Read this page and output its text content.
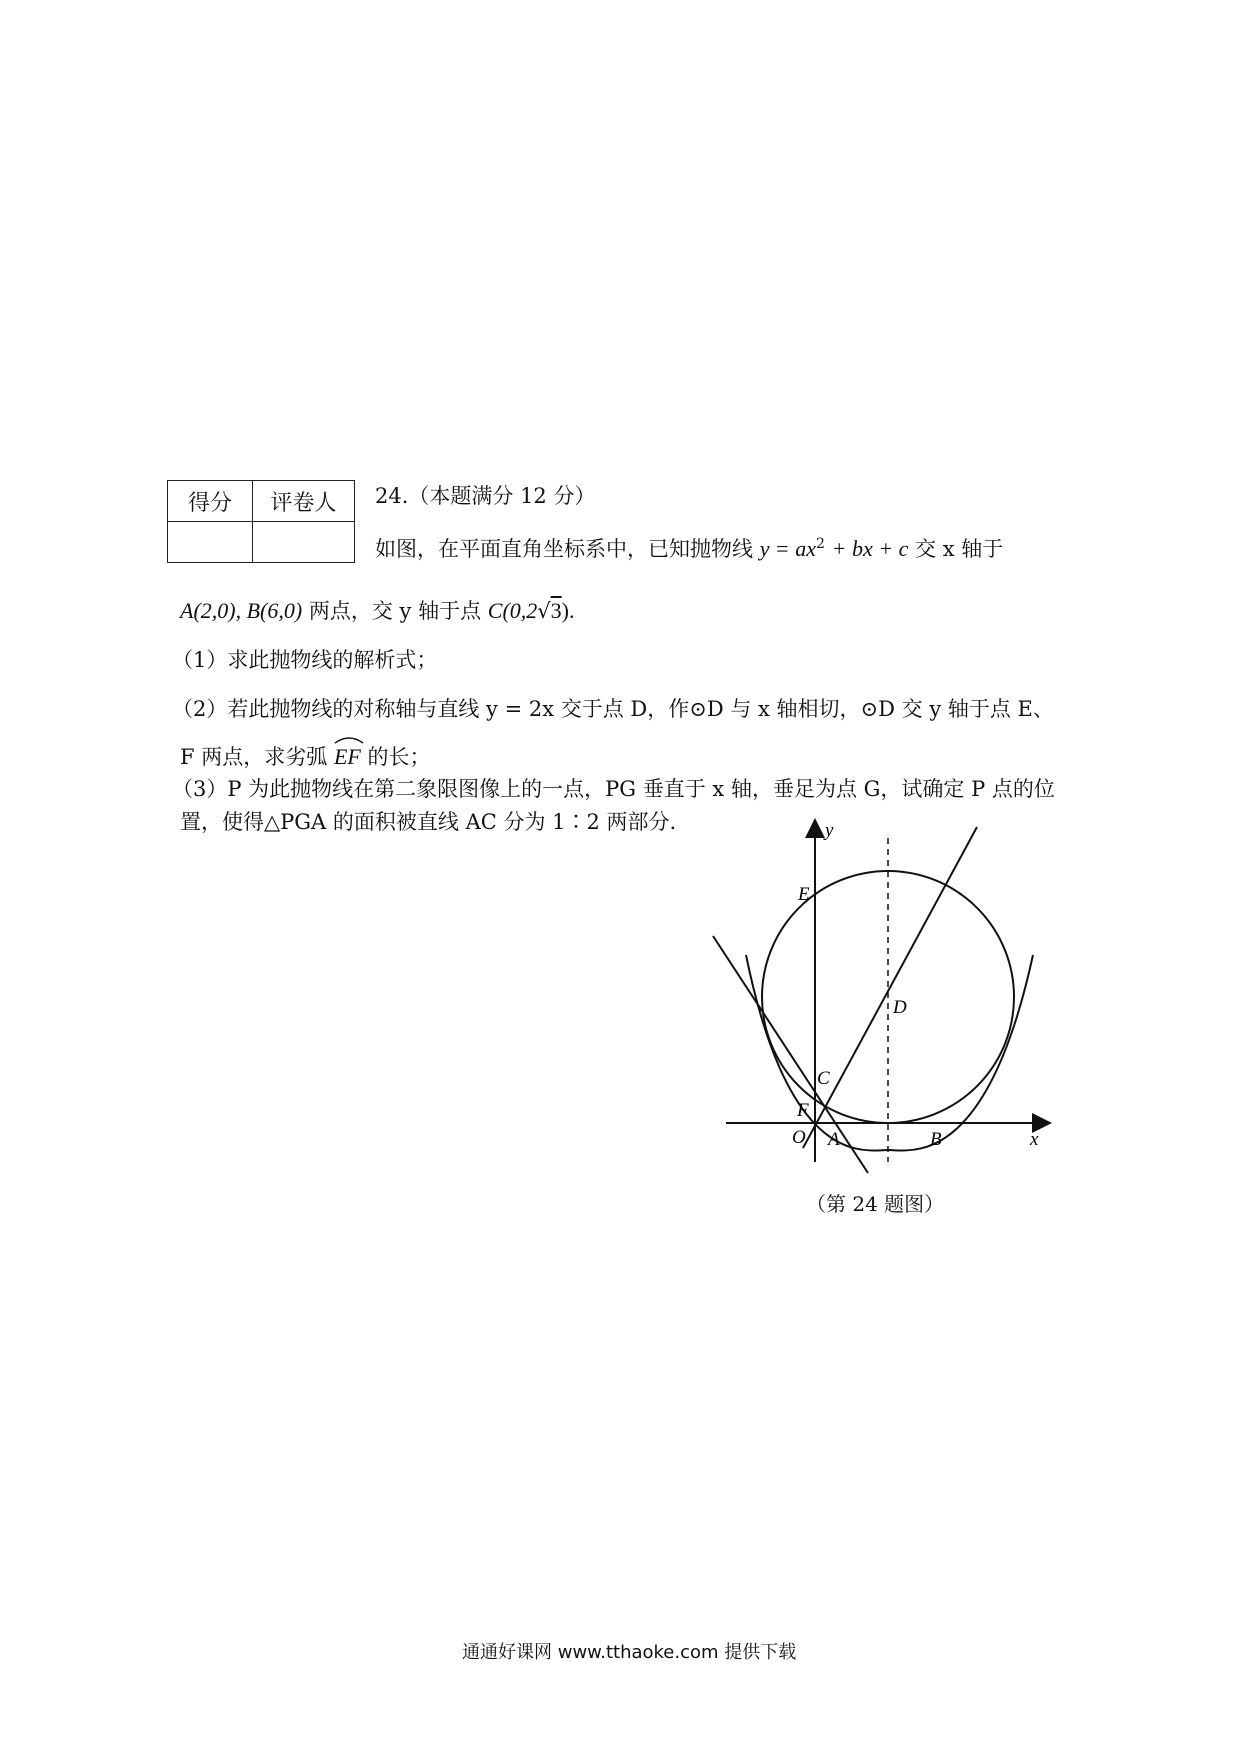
得分	评卷人
	24.（本题满分 12 分）
如图，在平面直角坐标系中，已知抛物线 $y = ax^2$ + bx + c 交 x 轴于
A(2,0), B(6,0) 两点，交 y 轴于点 C(0,2√3).
（1）求此抛物线的解析式；
（2）若此抛物线的对称轴与直线 y = 2x 交于点 D，作⊙D 与 x 轴相切，⊙D 交 y 轴于点 E、
F 两点，求劣弧 EF 的长；
（3）P 为此抛物线在第二象限图像上的一点，PG 垂直于 x 轴，垂足为点 G，试确定 P 点的位
置，使得△PGA 的面积被直线 AC 分为 1∶2 两部分.	y
x
E
D
C
F
O A	B
（第 24 题图）
通通好课网 www.tthaoke.com 提供下载
